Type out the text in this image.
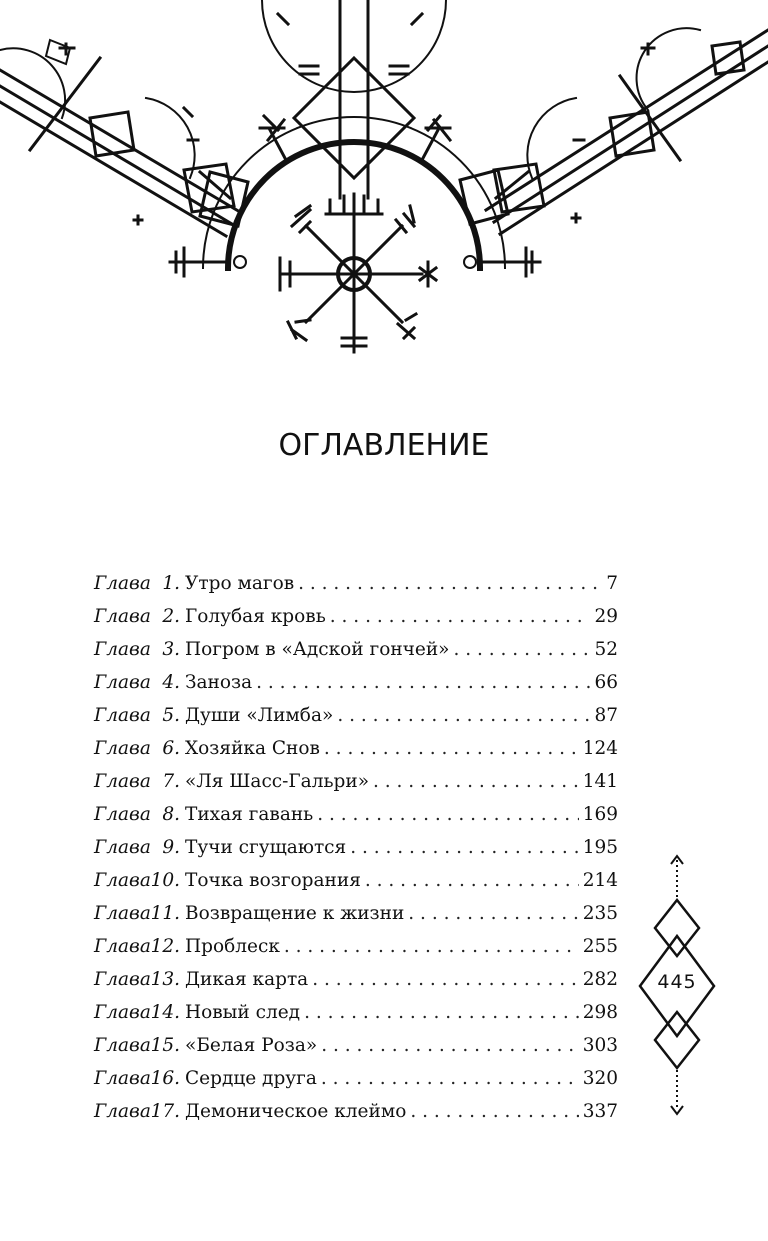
ОГЛАВЛЕНИЕ
Глава 1. Утро магов . . .	7
Глава 2. Голубая кровь . . .	29
Глава 3. Погром в «Адской гончей» . . .	52
Глава 4. Заноза . . .	66
Глава 5. Души «Лимба» . . .	87
Глава 6. Хозяйка Снов . . .	124
Глава 7. «Ля Шасс-Гальри» . . .	141
Глава 8. Тихая гавань . . .	169
Глава 9. Тучи сгущаются . . .	195
Глава 10. Точка возгорания . . .	214
Глава 11. Возвращение к жизни . . .	235
Глава 12. Проблеск . . .	255
Глава 13. Дикая карта . . .	282
Глава 14. Новый след . . .	298
Глава 15. «Белая Роза» . . .	303
Глава 16. Сердце друга . . .	320
Глава 17. Демоническое клеймо . . .	337
445
